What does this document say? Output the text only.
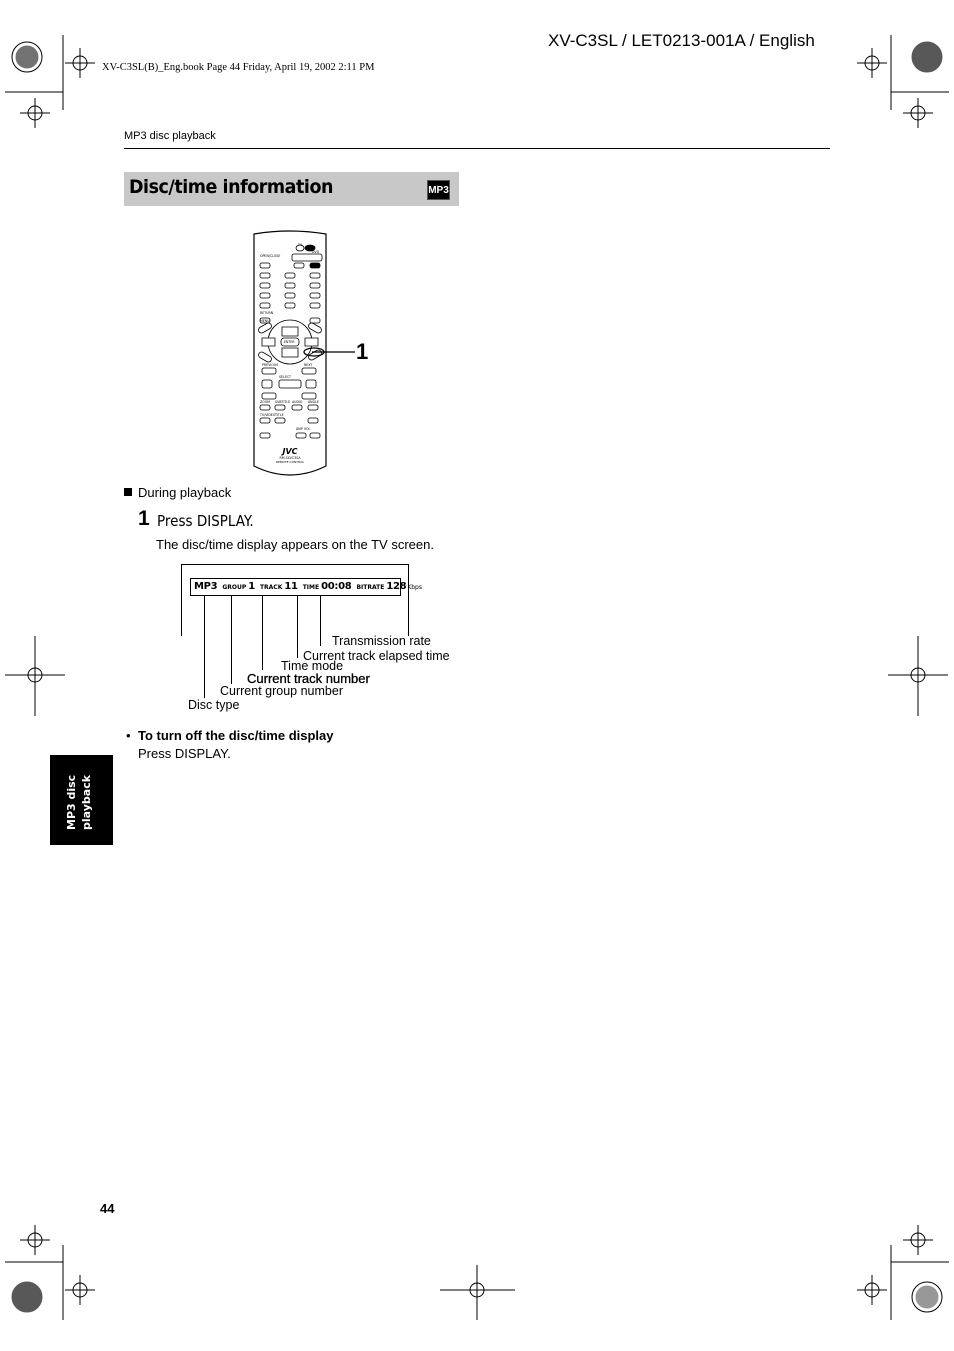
XV-C3SL / LET0213-001A / English
XV-C3SL(B)_Eng.book Page 44 Friday, April 19, 2002 2:11 PM
MP3 disc playback
Disc/time information	MP3
OPEN/CLOSE
TV
DVD
RETURN
ENTER
MENU
SELECT
PREVIOUS	NEXT
ZOOM SUBTITLE AUDIO ANGLE
TV/VIDEO TITLE
AMP VOL
JVC
RM-SXVC3SA
REMOTE CONTROL
1
During playback
1 Press DISPLAY.
The disc/time display appears on the TV screen.
MP3 GROUP 1 TRACK 11 TIME 00:08 BITRATE 128 Kbps
Transmission rate
Current track elapsed time
Time mode
Current track number
Current group number
Disc type
• To turn off the disc/time display
Press DISPLAY.
MP3 disc playback
44
